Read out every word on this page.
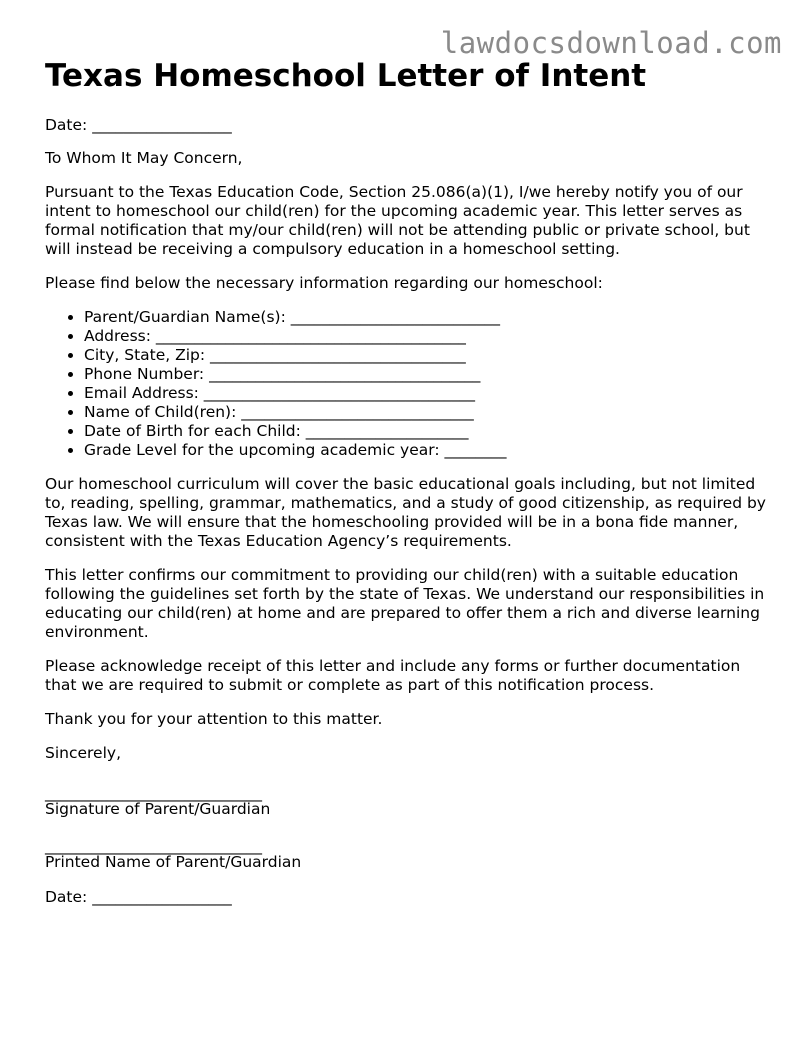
lawdocsdownload.com
Texas Homeschool Letter of Intent

Date: __________________

To Whom It May Concern,

Pursuant to the Texas Education Code, Section 25.086(a)(1), I/we hereby notify you of our intent to homeschool our child(ren) for the upcoming academic year. This letter serves as formal notification that my/our child(ren) will not be attending public or private school, but will instead be receiving a compulsory education in a homeschool setting.

Please find below the necessary information regarding our homeschool:

• Parent/Guardian Name(s): ___________________________
• Address: ________________________________________
• City, State, Zip: _________________________________
• Phone Number: ___________________________________
• Email Address: ___________________________________
• Name of Child(ren): ______________________________
• Date of Birth for each Child: _____________________
• Grade Level for the upcoming academic year: ________

Our homeschool curriculum will cover the basic educational goals including, but not limited to, reading, spelling, grammar, mathematics, and a study of good citizenship, as required by Texas law. We will ensure that the homeschooling provided will be in a bona fide manner, consistent with the Texas Education Agency’s requirements.

This letter confirms our commitment to providing our child(ren) with a suitable education following the guidelines set forth by the state of Texas. We understand our responsibilities in educating our child(ren) at home and are prepared to offer them a rich and diverse learning environment.

Please acknowledge receipt of this letter and include any forms or further documentation that we are required to submit or complete as part of this notification process.

Thank you for your attention to this matter.

Sincerely,

____________________________
Signature of Parent/Guardian
____________________________
Printed Name of Parent/Guardian

Date: __________________
